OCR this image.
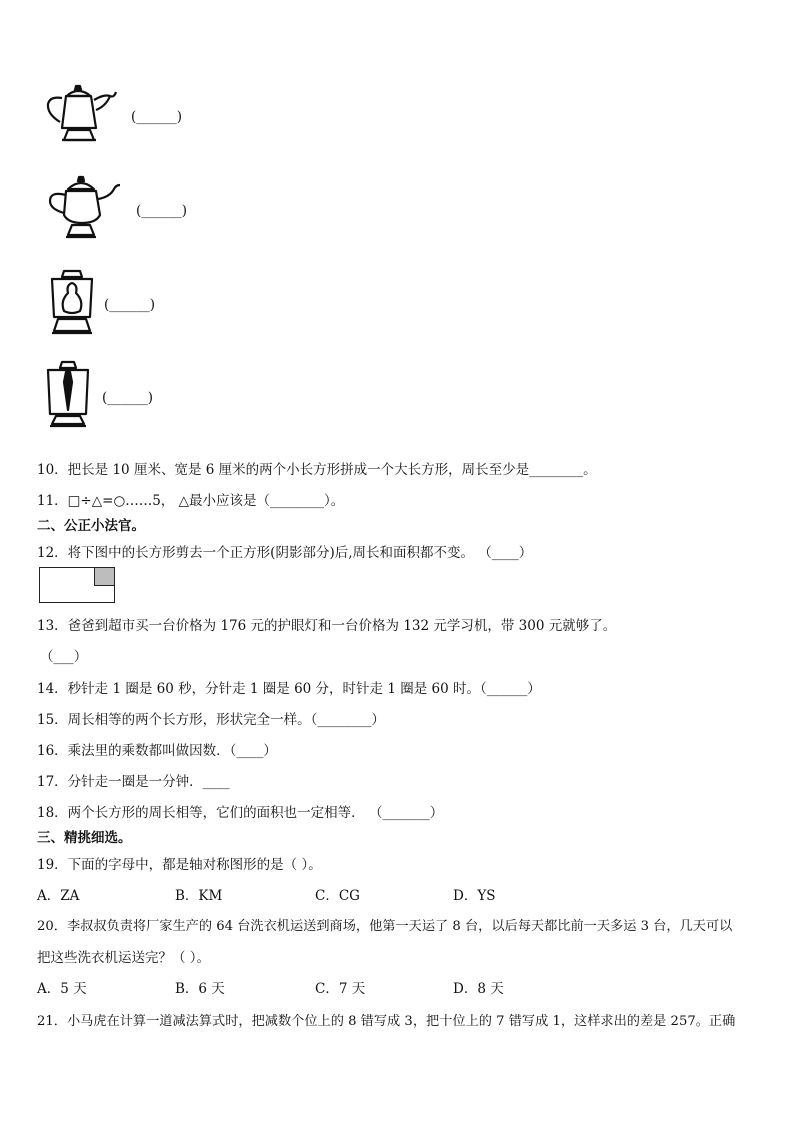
(______)
(______)
(______)
(______)
10．把长是 10 厘米、宽是 6 厘米的两个小长方形拼成一个大长方形，周长至少是________。
11．□÷△=○……5， △最小应该是（________）。
二、公正小法官。
12．将下图中的长方形剪去一个正方形(阴影部分)后,周长和面积都不变。 （____）
13．爸爸到超市买一台价格为 176 元的护眼灯和一台价格为 132 元学习机，带 300 元就够了。
（___）
14．秒针走 1 圈是 60 秒，分针走 1 圈是 60 分，时针走 1 圈是 60 时。（______）
15．周长相等的两个长方形，形状完全一样。（________）
16．乘法里的乘数都叫做因数．（____）
17．分针走一圈是一分钟．____
18．两个长方形的周长相等，它们的面积也一定相等． （_______）
三、精挑细选。
19．下面的字母中，都是轴对称图形的是（ ）。
A．ZA	B．KM	C．CG	D．YS
20．李叔叔负责将厂家生产的 64 台洗衣机运送到商场，他第一天运了 8 台，以后每天都比前一天多运 3 台，几天可以
把这些洗衣机运送完？（ ）。
A．5 天	B．6 天	C．7 天	D．8 天
21．小马虎在计算一道减法算式时，把减数个位上的 8 错写成 3，把十位上的 7 错写成 1，这样求出的差是 257。正确
